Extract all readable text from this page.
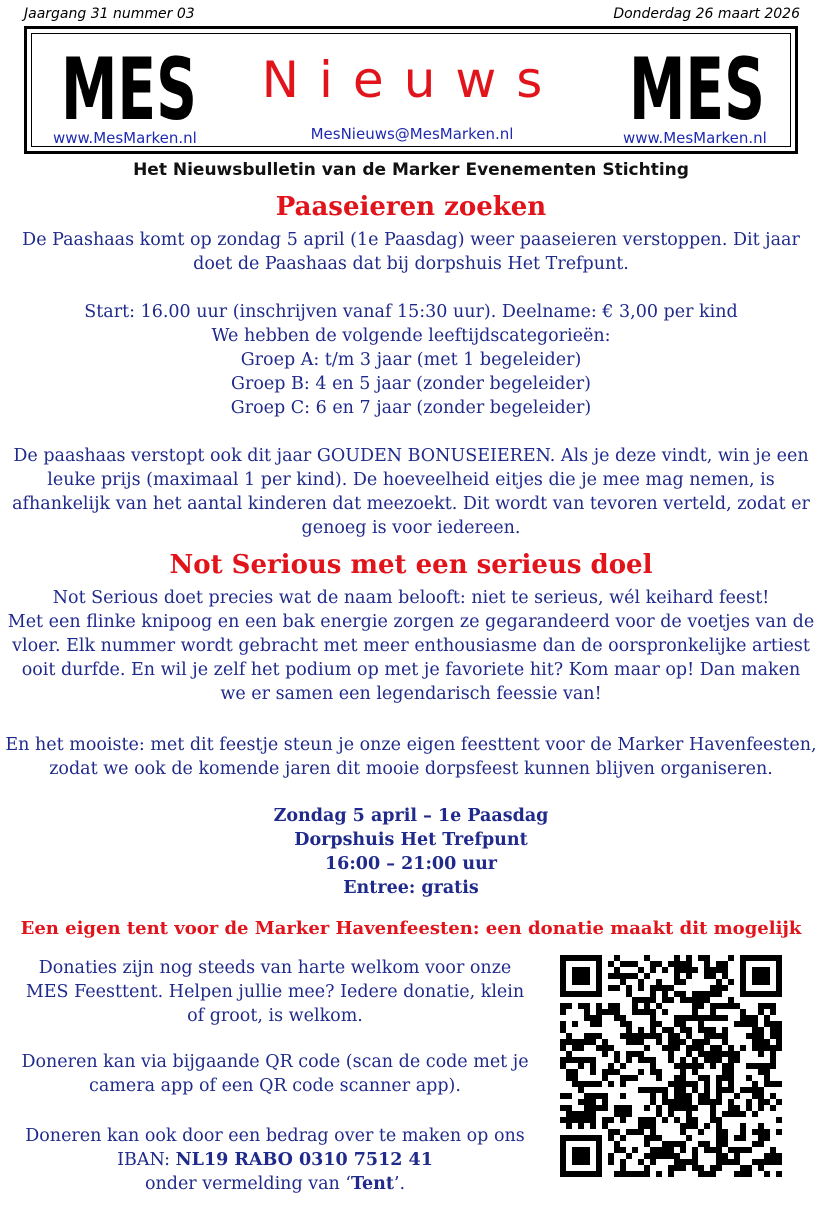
Jaargang 31 nummer 03	Donderdag 26 maart 2026
MES
MARKER EVENEMEN
Nieuws MES
MARKER EVENEMEN
www.MesMarken.nl	MesNieuws@MesMarken.nl	www.MesMarken.nl
Het Nieuwsbulletin van de Marker Evenementen Stichting
Paaseieren zoeken
De Paashaas komt op zondag 5 april (1e Paasdag) weer paaseieren verstoppen. Dit jaar
doet de Paashaas dat bij dorpshuis Het Trefpunt.
Start: 16.00 uur (inschrijven vanaf 15:30 uur). Deelname: € 3,00 per kind
We hebben de volgende leeftijdscategorieën:
Groep A: t/m 3 jaar (met 1 begeleider)
Groep B: 4 en 5 jaar (zonder begeleider)
Groep C: 6 en 7 jaar (zonder begeleider)
De paashaas verstopt ook dit jaar GOUDEN BONUSEIEREN. Als je deze vindt, win je een
leuke prijs (maximaal 1 per kind). De hoeveelheid eitjes die je mee mag nemen, is
afhankelijk van het aantal kinderen dat meezoekt. Dit wordt van tevoren verteld, zodat er
genoeg is voor iedereen.
Not Serious met een serieus doel
Not Serious doet precies wat de naam belooft: niet te serieus, wél keihard feest!
Met een flinke knipoog en een bak energie zorgen ze gegarandeerd voor de voetjes van de
vloer. Elk nummer wordt gebracht met meer enthousiasme dan de oorspronkelijke artiest
ooit durfde. En wil je zelf het podium op met je favoriete hit? Kom maar op! Dan maken
we er samen een legendarisch feessie van!
En het mooiste: met dit feestje steun je onze eigen feesttent voor de Marker Havenfeesten,
zodat we ook de komende jaren dit mooie dorpsfeest kunnen blijven organiseren.
Zondag 5 april – 1e Paasdag
Dorpshuis Het Trefpunt
16:00 – 21:00 uur
Entree: gratis
Een eigen tent voor de Marker Havenfeesten: een donatie maakt dit mogelijk
Donaties zijn nog steeds van harte welkom voor onze
MES Feesttent. Helpen jullie mee? Iedere donatie, klein
of groot, is welkom.
Doneren kan via bijgaande QR code (scan de code met je
camera app of een QR code scanner app).
Doneren kan ook door een bedrag over te maken op ons
IBAN: NL19 RABO 0310 7512 41
onder vermelding van ‘Tent’.
